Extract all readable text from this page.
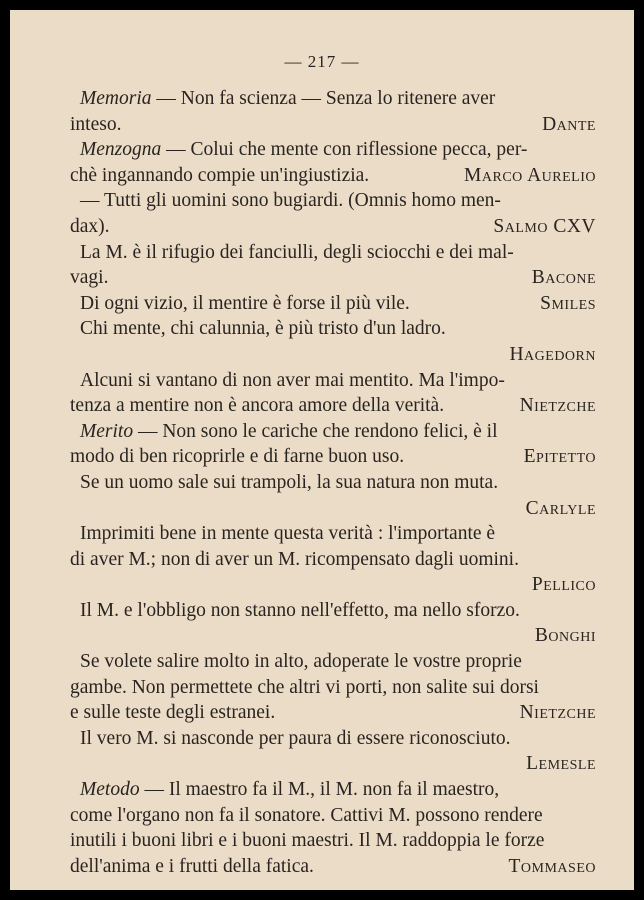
— 217 —
Memoria — Non fa scienza — Senza lo ritenere aver
inteso.	Dante
Menzogna — Colui che mente con riflessione pecca, per-
chè ingannando compie un'ingiustizia.	Marco Aurelio
— Tutti gli uomini sono bugiardi. (Omnis homo men-
dax).	Salmo CXV
La M. è il rifugio dei fanciulli, degli sciocchi e dei mal-
vagi.	Bacone
Di ogni vizio, il mentire è forse il più vile.	Smiles
Chi mente, chi calunnia, è più tristo d'un ladro.
Hagedorn
Alcuni si vantano di non aver mai mentito. Ma l'impo-
tenza a mentire non è ancora amore della verità.	Nietzche
Merito — Non sono le cariche che rendono felici, è il
modo di ben ricoprirle e di farne buon uso.	Epitetto
Se un uomo sale sui trampoli, la sua natura non muta.
Carlyle
Imprimiti bene in mente questa verità : l'importante è
di aver M.; non di aver un M. ricompensato dagli uomini.
Pellico
Il M. e l'obbligo non stanno nell'effetto, ma nello sforzo.
Bonghi
Se volete salire molto in alto, adoperate le vostre proprie
gambe. Non permettete che altri vi porti, non salite sui dorsi
e sulle teste degli estranei.	Nietzche
Il vero M. si nasconde per paura di essere riconosciuto.
Lemesle
Metodo — Il maestro fa il M., il M. non fa il maestro,
come l'organo non fa il sonatore. Cattivi M. possono rendere
inutili i buoni libri e i buoni maestri. Il M. raddoppia le forze
dell'anima e i frutti della fatica.	Tommaseo
